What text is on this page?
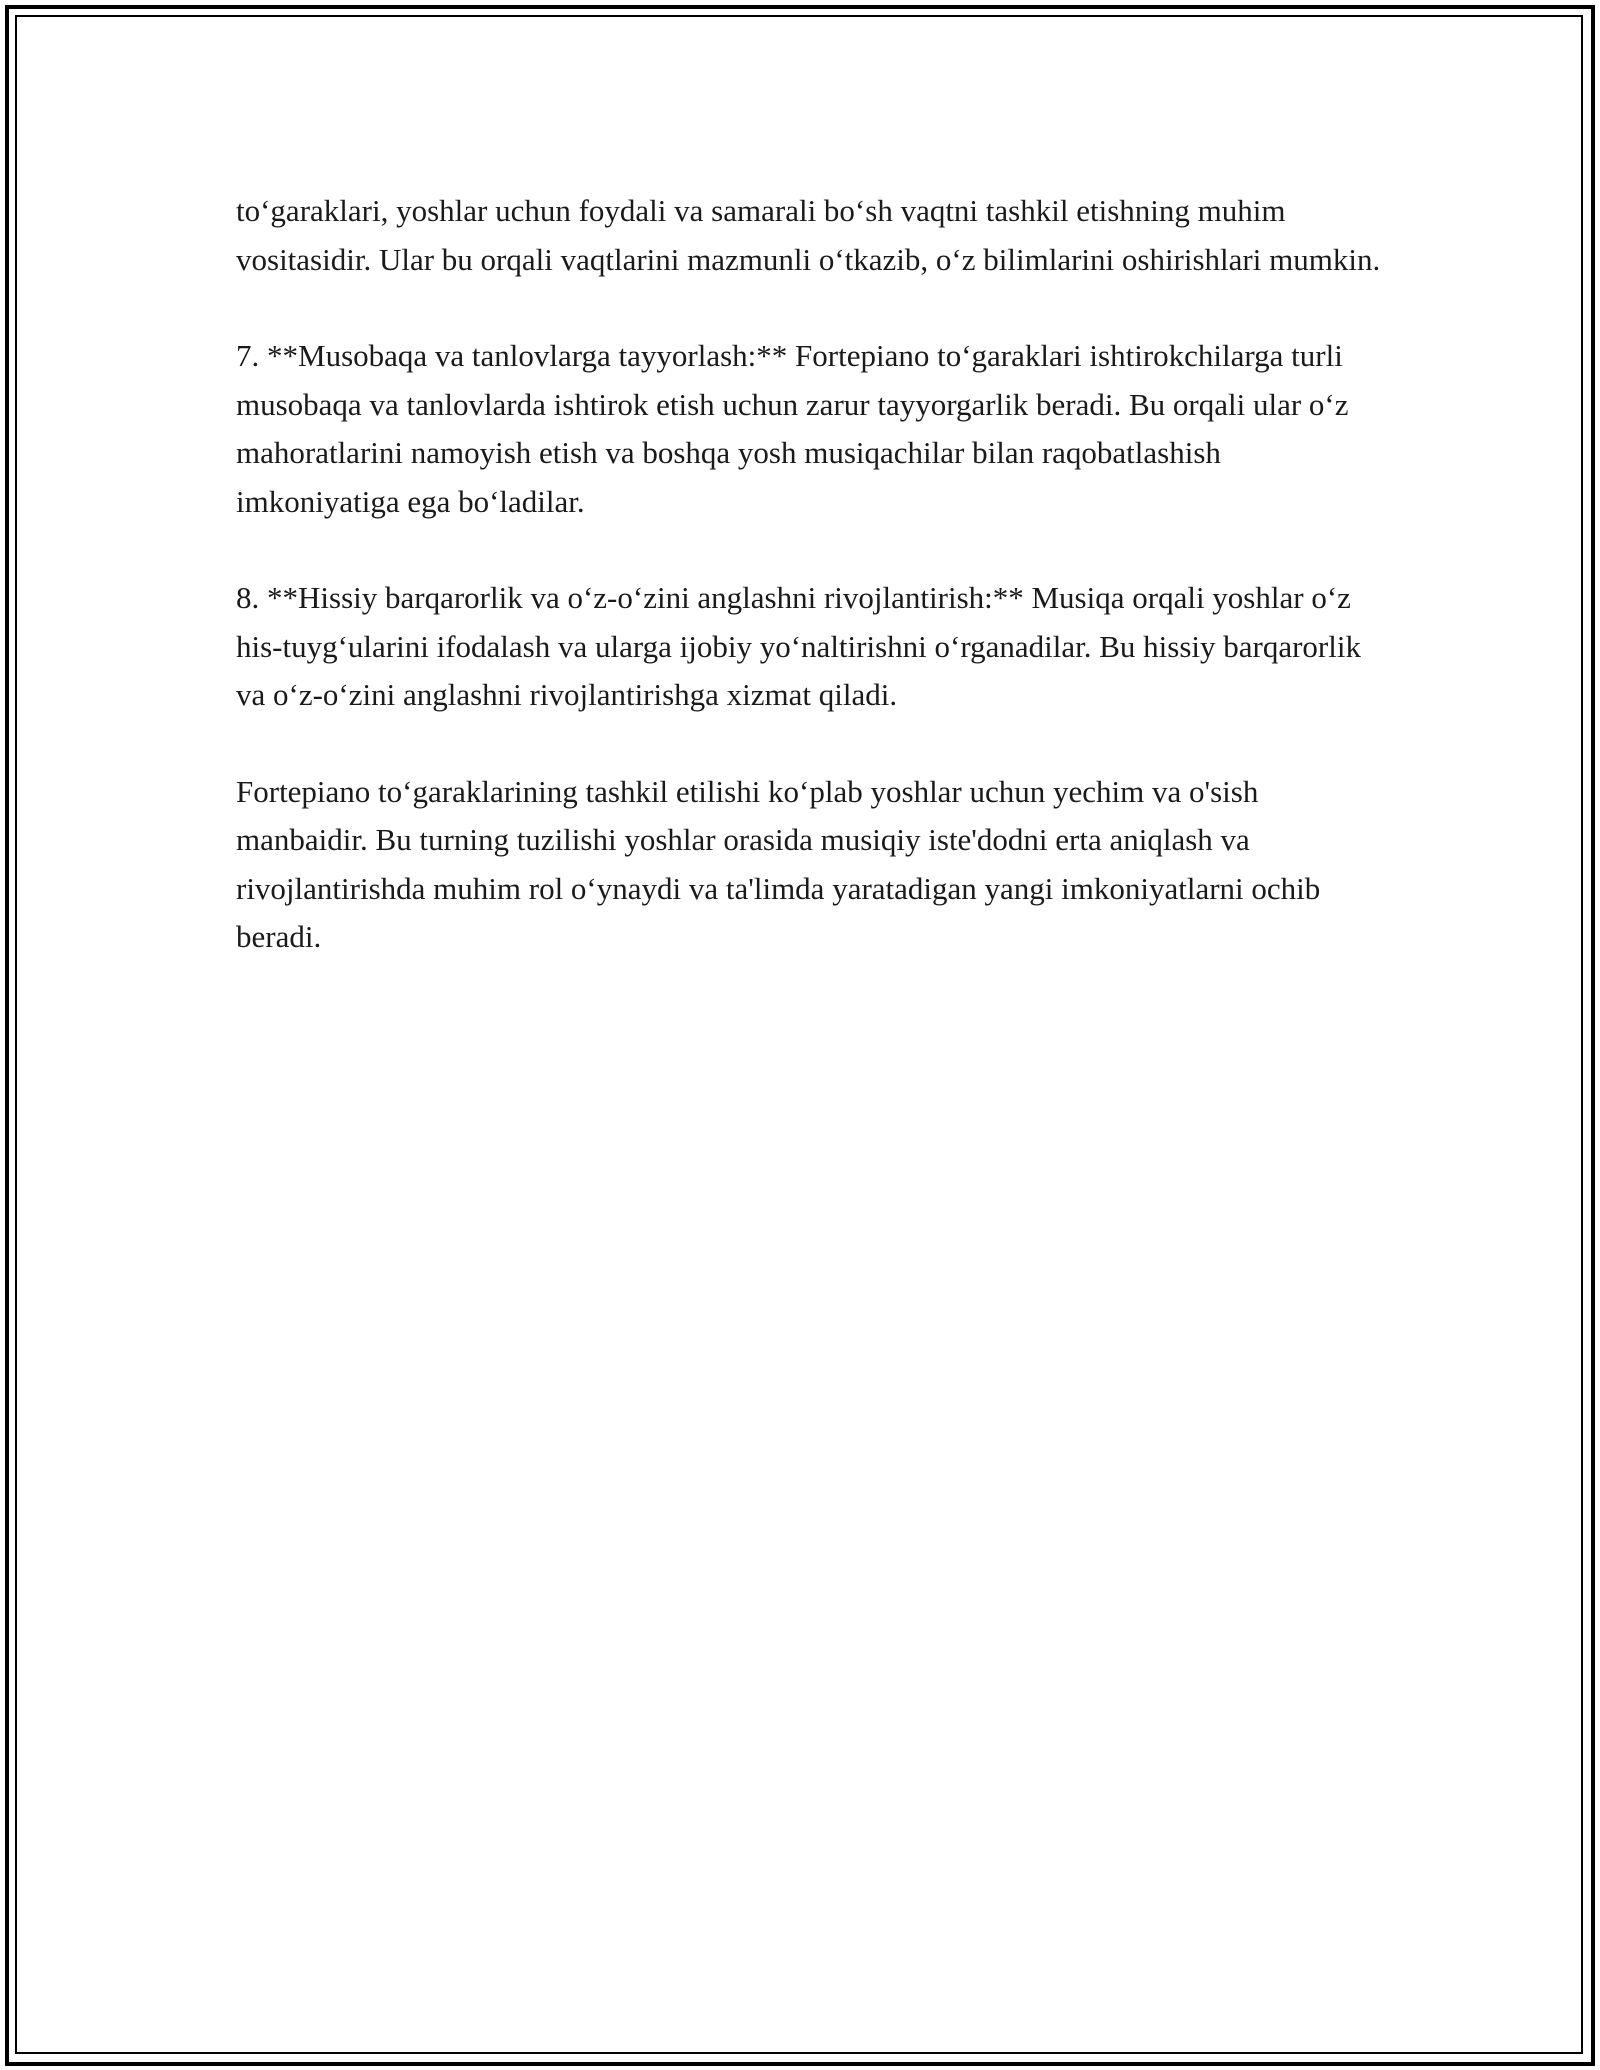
to‘garaklari, yoshlar uchun foydali va samarali bo‘sh vaqtni tashkil etishning muhim vositasidir. Ular bu orqali vaqtlarini mazmunli o‘tkazib, o‘z bilimlarini oshirishlari mumkin.

7. **Musobaqa va tanlovlarga tayyorlash:** Fortepiano to‘garaklari ishtirokchilarga turli musobaqa va tanlovlarda ishtirok etish uchun zarur tayyorgarlik beradi. Bu orqali ular o‘z mahoratlarini namoyish etish va boshqa yosh musiqachilar bilan raqobatlashish imkoniyatiga ega bo‘ladilar.

8. **Hissiy barqarorlik va o‘z-o‘zini anglashni rivojlantirish:** Musiqa orqali yoshlar o‘z his-tuyg‘ularini ifodalash va ularga ijobiy yo‘naltirishni o‘rganadilar. Bu hissiy barqarorlik va o‘z-o‘zini anglashni rivojlantirishga xizmat qiladi.

Fortepiano to‘garaklarining tashkil etilishi ko‘plab yoshlar uchun yechim va o'sish manbaidir. Bu turning tuzilishi yoshlar orasida musiqiy iste'dodni erta aniqlash va rivojlantirishda muhim rol o‘ynaydi va ta'limda yaratadigan yangi imkoniyatlarni ochib beradi.
